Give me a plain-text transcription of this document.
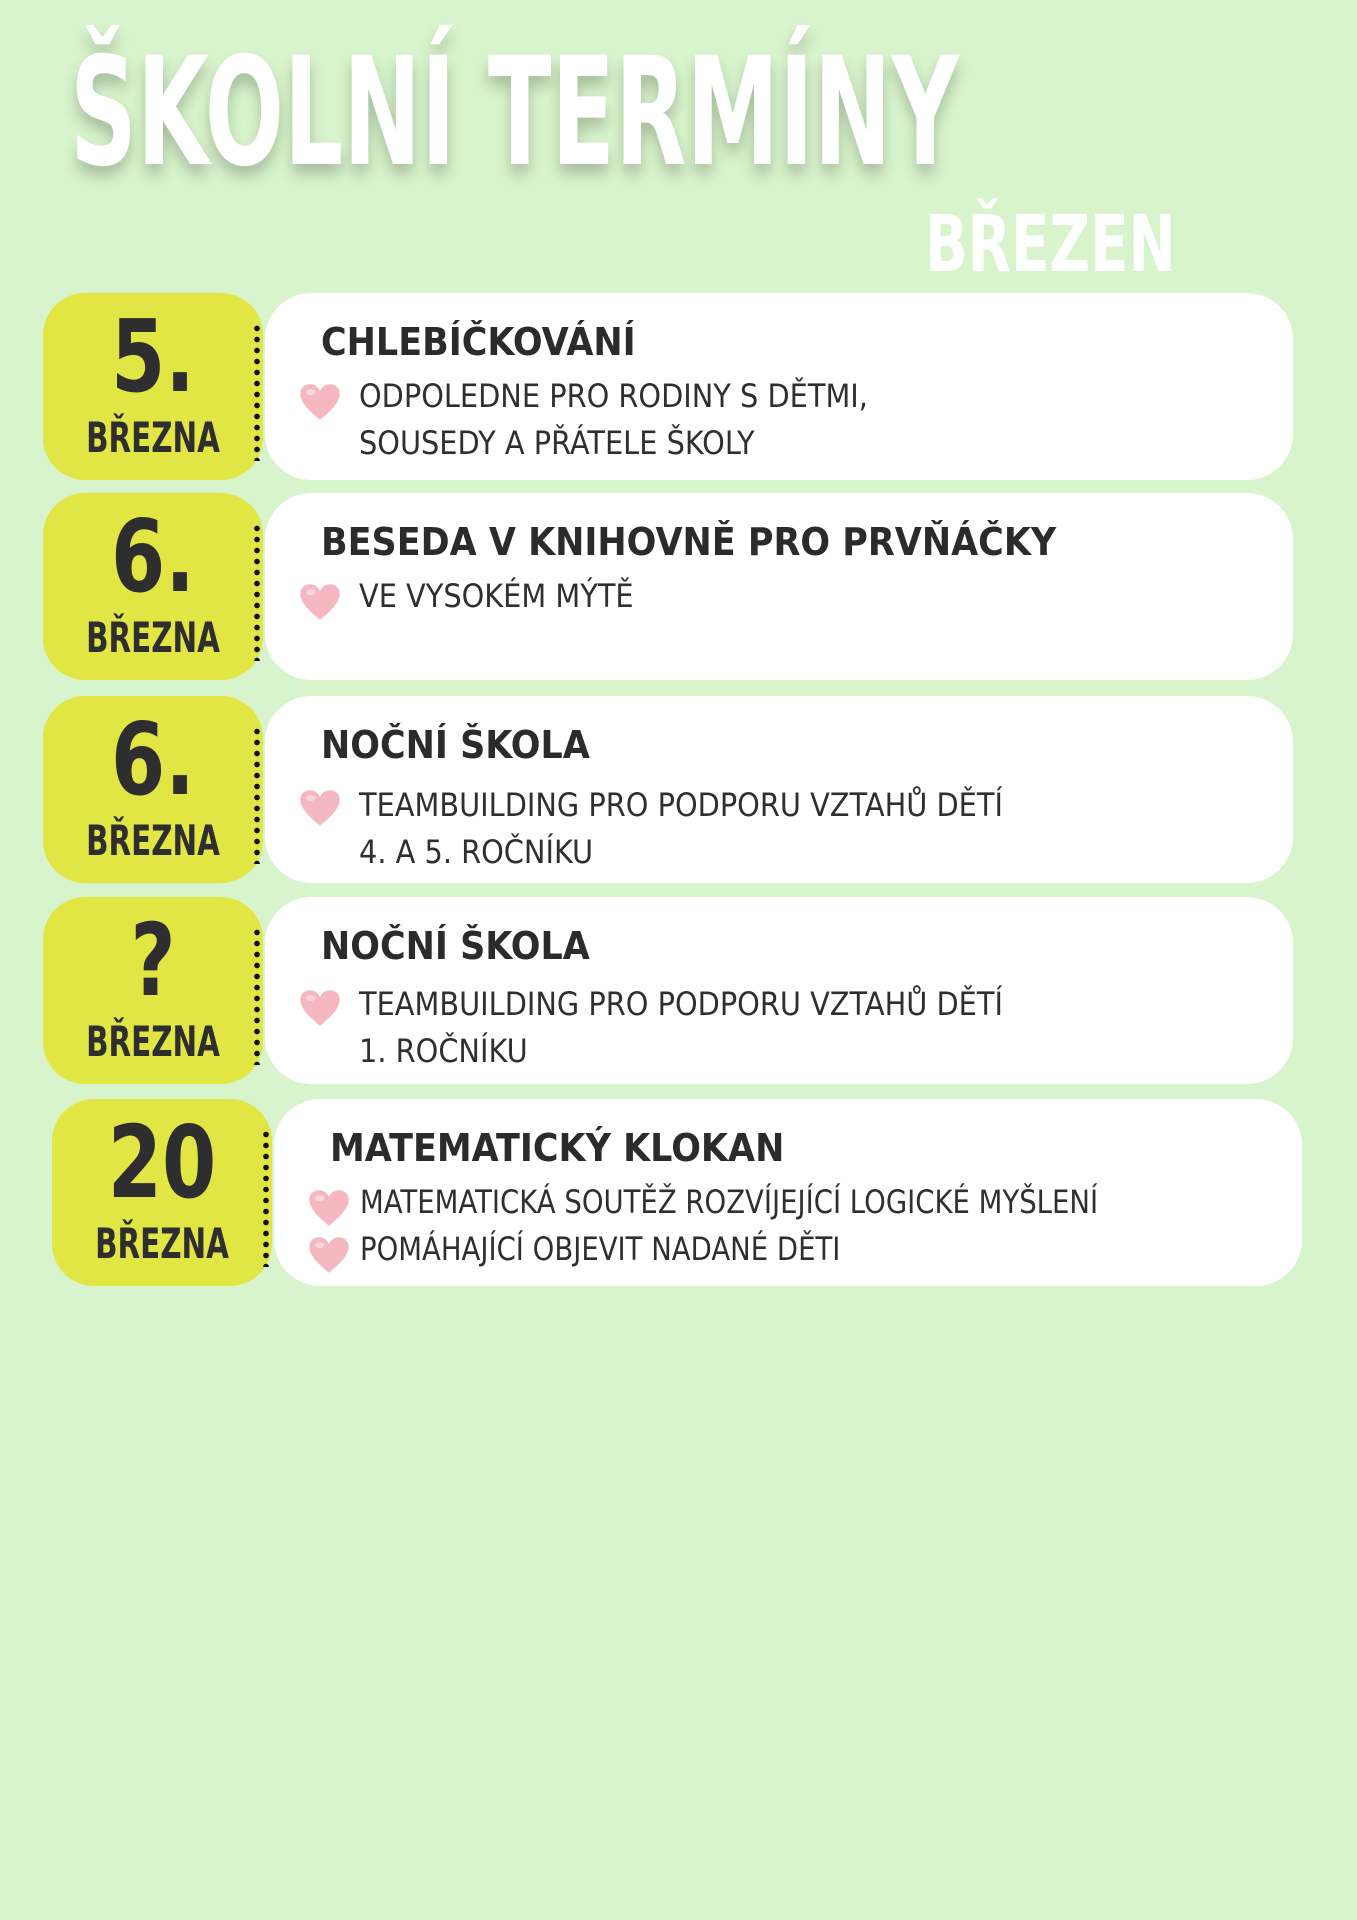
ŠKOLNÍ TERMÍNY
BŘEZEN
5.
BŘEZNA
CHLEBÍČKOVÁNÍ
ODPOLEDNE PRO RODINY S DĚTMI,
SOUSEDY A PŘÁTELE ŠKOLY
6.
BŘEZNA
BESEDA V KNIHOVNĚ PRO PRVŇÁČKY
VE VYSOKÉM MÝTĚ
6.
BŘEZNA
NOČNÍ ŠKOLA
TEAMBUILDING PRO PODPORU VZTAHŮ DĚTÍ
4. A 5. ROČNÍKU
?
BŘEZNA
NOČNÍ ŠKOLA
TEAMBUILDING PRO PODPORU VZTAHŮ DĚTÍ
1. ROČNÍKU
20
BŘEZNA
MATEMATICKÝ KLOKAN
MATEMATICKÁ SOUTĚŽ ROZVÍJEJÍCÍ LOGICKÉ MYŠLENÍ
POMÁHAJÍCÍ OBJEVIT NADANÉ DĚTI
